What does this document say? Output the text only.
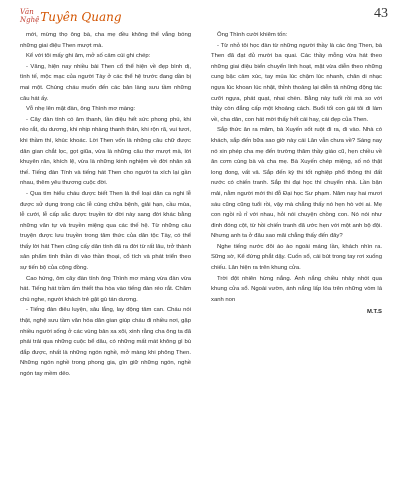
Văn
Nghệ Tuyên Quang	43

mới, mừng thọ ông bà, cha mẹ đều không thể vắng bóng những giai điệu Then mượt mà.

Kể với tôi mấy ghi âm, mở số cảm cúi ghi chép:

- Vâng, hiện nay nhiều bài Then cổ thể hiện về đẹp bình dị, tình tế, mộc mạc của người Tày ở các thể hệ trước đang dần bị mai một. Chúng cháu muốn đến các bản làng sưu tầm những câu hát ấy.

Vỗ nhẹ lên mặt đàn, ông Thình mơ màng:

- Cây đàn tính có âm thanh, lần điệu hết sức phong phú, khi réo rắt, du dương, khi nhịp nhàng thanh thản, khi rộn rã, vui tươi, khi thầm thì, khúc khoác. Lời Then vốn là những câu chữ được dân gian chắt lọc, gọt giũa, vừa là những câu thơ mượt mà, lời khuyên răn, khích lệ, vừa là những kinh nghiệm về đời nhân xã thế. Tiếng đàn Tính và tiếng hát Then cho người ta xích lại gần nhau, thêm yêu thương cuộc đời.

- Qua tìm hiểu cháu được biết Then là thể loại dân ca nghi lễ được sử dụng trong các lễ cúng chữa bệnh, giải hạn, cầu mùa, lễ cưới, lễ cấp sắc được truyền từ đời này sang đời khác bằng những văn tự và truyền miệng qua các thế hệ. Từ những câu truyện được lưu truyền trong tâm thức của dân tộc Tày, có thể thấy lời hát Then cũng cấy dân tính đã ra đời từ rất lâu, trở thành sản phẩm tinh thần đi vào thần thoại, cổ tích và phát triển theo sự tiến bộ của cộng đồng.

Cao hứng, ôm cây đàn tính ông Thình mơ màng vừa đàn vừa hát. Tiếng hát trầm ấm thiết tha hòa vào tiếng đàn réo rắt. Chăm chú nghe, người khách trẻ gật gù tán dương.

- Tiếng đàn điêu luyện, sâu lắng, lay động tâm can. Cháu nói thật, nghệ sưu tầm văn hóa dân gian giúp cháu đi nhiều nơi, gặp nhiều người sống ở các vùng bản xa xôi, xinh rằng cha ông ta đã phải trải qua những cuộc bể dâu, có những mất mát không gì bù đắp được, nhất là những ngón nghề, mở màng khi phông Then. Những ngón nghề trong phong gia, gìn giữ những ngón, nghề ngón tay mềm dẻo.

Ông Thình cười khiêm tốn:

- Từ nhỏ tôi học đàn từ những người thầy là các ông Then, bà Then đã đạt đủ mười ba quai. Các thầy mỗng vừa hát theo những giai điệu biến chuyển linh hoạt, mặt vừa diễn theo những cung bậc cảm xúc, tay múa lúc chậm lúc nhanh, chân di nhạc ngựa lúc khoan lúc nhặt, thỉnh thoảng lại diễn tả những động tác cưỡi ngựa, phát quạt, nhai chèn. Bằng này tuổi rồi mà so với thầy còn đẳng cấp một khoảng cách. Buổi tối con gái tôi đi làm về, cha dăn, con hát mời thấy hết cái hay, cái đẹp của Then.

Sắp thức ăn ra mâm, bà Xuyến sốt ruột đi ra, đi vào. Nhà có khách, sắp đến bữa sao giờ này cái Lân vẫn chưa về? Sáng nay nó xin phép cha mẹ đến trường thăm thầy giáo cũ, hẹn chiều về ăn cơm cùng bà và cha mẹ. Bà Xuyến chép miệng, số nó thật long đong, vất vả. Sắp đến kỳ thi tốt nghiệp phổ thông thì đất nước có chiến tranh. Sắp thi đại học thì chuyển nhà. Lần bận mải, nằm người mới thi đỗ Đại học Sư phạm. Năm nay hai mươi sáu cũng cũng tuổi rồi, vậy mà chẳng thấy nó hẹn hò với ai. Mẹ con ngồi rủ rỉ với nhau, hỏi nói chuyện chồng con. Nó nói như đinh đóng cột, từ hồi chiến tranh đã ước hẹn với một anh bộ đội. Nhưng anh ta ở đâu sao mãi chẳng thấy đến đây?

Nghe tiếng nước đôi áo ào ngoài máng lần, khách nhìn ra. Sững sờ, Kể đứng phắt dậy. Cuốn sổ, cái bút trong tay rơi xuống chiếu. Lân hiện ra trên khung cửa.

Trời đột nhiên hừng nắng. Ánh nắng chiều nhảy nhót qua khung cửa sổ. Ngoài vườn, ánh nắng lấp lóa trên những vòm lá xanh non

M.T.S
